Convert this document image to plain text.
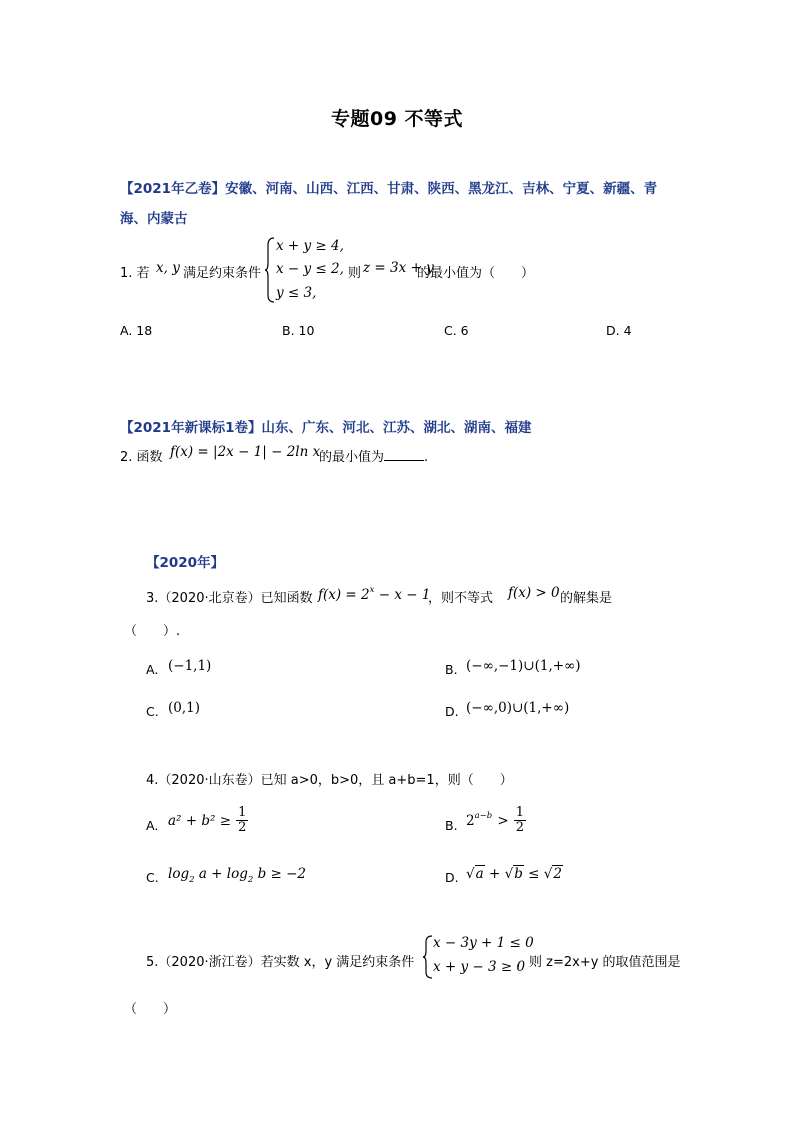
专题09 不等式
【2021年乙卷】安徽、河南、山西、江西、甘肃、陕西、黑龙江、吉林、宁夏、新疆、青
海、内蒙古
1. 若 x, y 满足约束条件
x + y ≥ 4,
x − y ≤ 2,
y ≤ 3,
则 z = 3x + y
的最小值为（　　）
A. 18	B. 10	C. 6	D. 4
【2021年新课标1卷】山东、广东、河北、江苏、湖北、湖南、福建
2. 函数 f(x) = |2x − 1| − 2ln x
的最小值为	.
【2020年】
3.（2020·北京卷）已知函数 $f(x) = 2^x - x - 1$
，则不等式 f(x) > 0 的解集是
（　　）.
A. (−1,1)	B. (−∞,−1)∪(1,+∞)
C. (0,1)	D. (−∞,0)∪(1,+∞)
4.（2020·山东卷）已知 a>0，b>0，且 a+b=1，则（　　）
A. $a^2 + b^2 \ge \frac{1}{2}$	B. $2^{a-b} > \frac{1}{2}$
C. $\log_2 a + \log_2 b \ge -2$	D. √a + √b ≤ √2
5.（2020·浙江卷）若实数 x，y 满足约束条件
x − 3y + 1 ≤ 0
x + y − 3 ≥ 0
，则 z=2x+y 的取值范围是
（　　）
